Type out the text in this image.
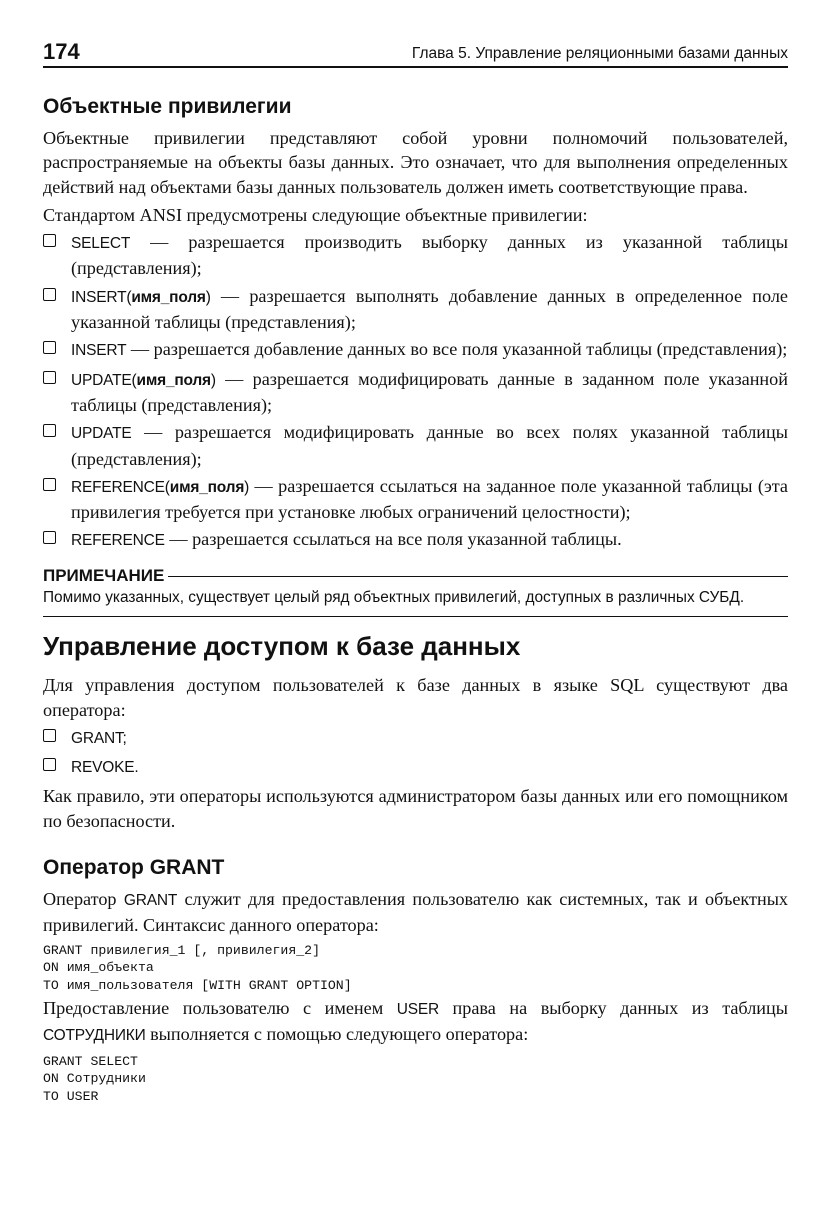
174	Глава 5. Управление реляционными базами данных
Объектные привилегии

Объектные привилегии представляют собой уровни полномочий пользователей, распространяемые на объекты базы данных. Это означает, что для выполнения определенных действий над объектами базы данных пользователь должен иметь соответствующие права.

Стандартом ANSI предусмотрены следующие объектные привилегии:

SELECT — разрешается производить выборку данных из указанной таблицы (представления);
INSERT(имя_поля) — разрешается выполнять добавление данных в определенное поле указанной таблицы (представления);
INSERT — разрешается добавление данных во все поля указанной таблицы (представления);
UPDATE(имя_поля) — разрешается модифицировать данные в заданном поле указанной таблицы (представления);
UPDATE — разрешается модифицировать данные во всех полях указанной таблицы (представления);
REFERENCE(имя_поля) — разрешается ссылаться на заданное поле указанной таблицы (эта привилегия требуется при установке любых ограничений целостности);
REFERENCE — разрешается ссылаться на все поля указанной таблицы.
ПРИМЕЧАНИЕ

Помимо указанных, существует целый ряд объектных привилегий, доступных в различных СУБД.

Управление доступом к базе данных

Для управления доступом пользователей к базе данных в языке SQL существуют два оператора:

GRANT;
REVOKE.

Как правило, эти операторы используются администратором базы данных или его помощником по безопасности.

Оператор GRANT

Оператор GRANT служит для предоставления пользователю как системных, так и объектных привилегий. Синтаксис данного оператора:

GRANT привилегия_1 [, привилегия_2]
ON имя_объекта
TO имя_пользователя [WITH GRANT OPTION]

Предоставление пользователю с именем USER права на выборку данных из таблицы СОТРУДНИКИ выполняется с помощью следующего оператора:

GRANT SELECT
ON Сотрудники
TO USER
